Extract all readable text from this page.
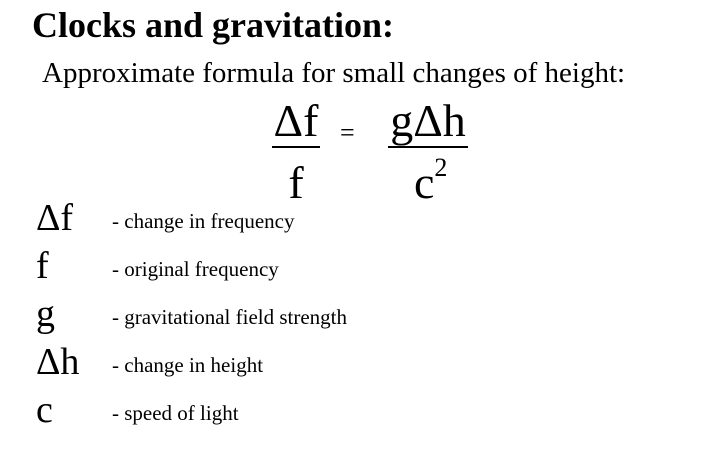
Clocks and gravitation:
Approximate formula for small changes of height:
$\frac{\Delta f}{f} = g\Delta h$
$c^2$
Δf	- change in frequency
f	- original frequency
g	- gravitational field strength
Δh	- change in height
c	- speed of light
